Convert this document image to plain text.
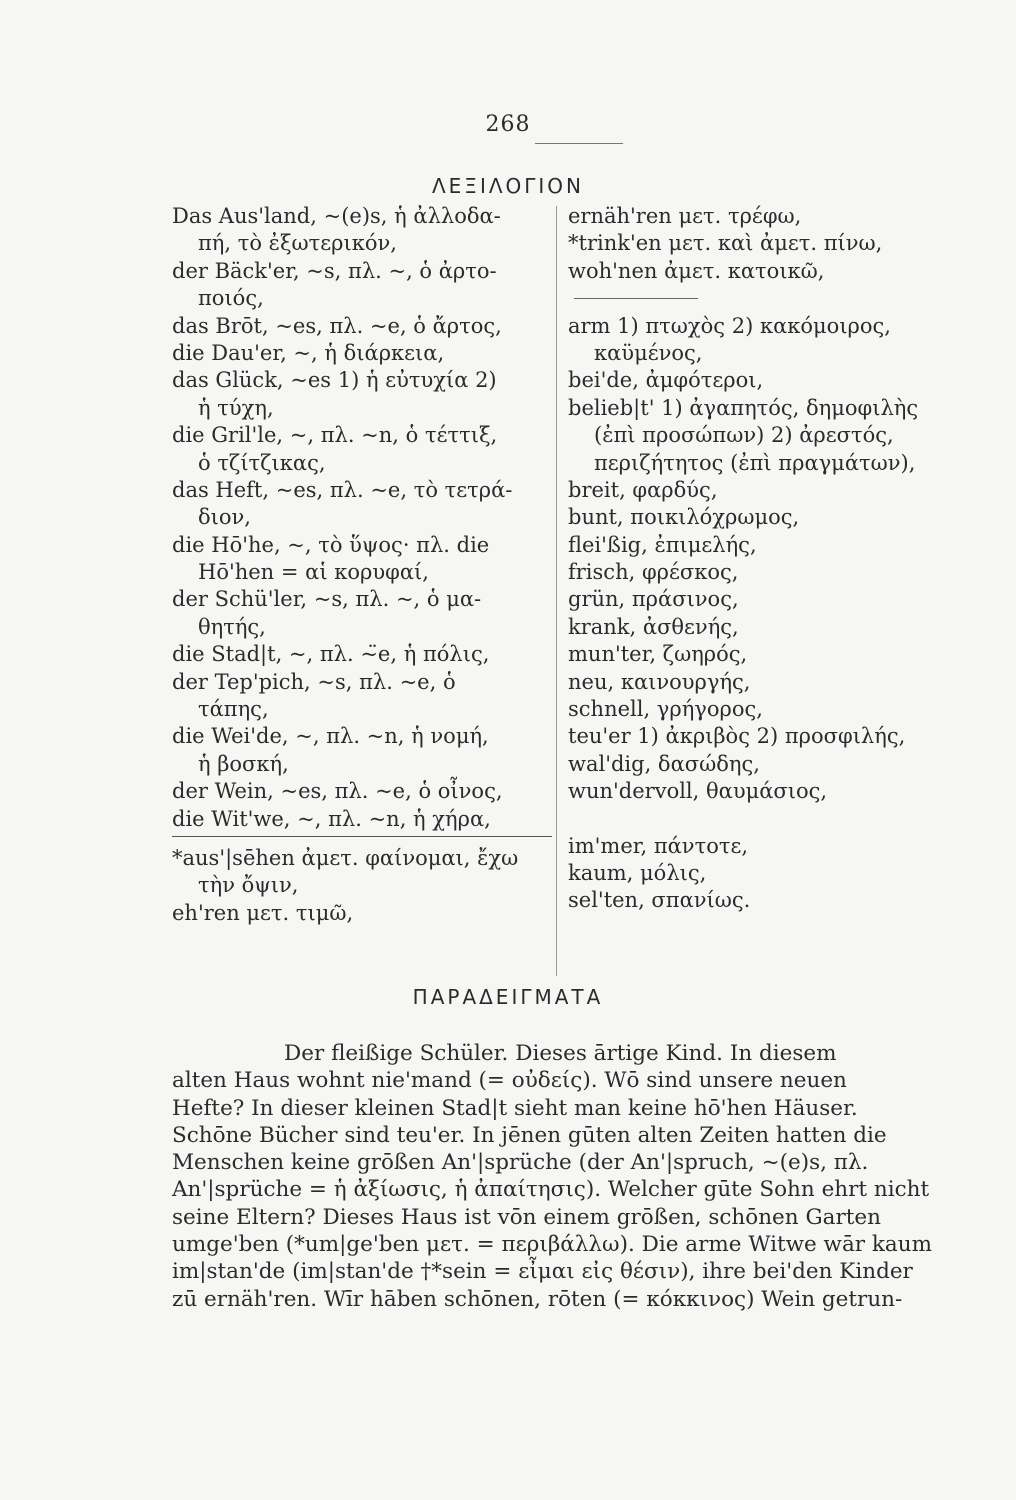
268
ΛΕΞΙΛΟΓΙΟΝ
Das Aus'land, ~(e)s, ἡ ἀλλοδα-
πή, τὸ ἐξωτερικόν,
der Bäck'er, ~s, πλ. ~, ὁ ἀρτο-
ποιός,
das Brōt, ~es, πλ. ~e, ὁ ἄρτος,
die Dau'er, ~, ἡ διάρκεια,
das Glück, ~es 1) ἡ εὐτυχία 2)
ἡ τύχη,
die Gril'le, ~, πλ. ~n, ὁ τέττιξ,
ὁ τζίτζικας,
das Heft, ~es, πλ. ~e, τὸ τετρά-
διον,
die Hō'he, ~, τὸ ὕψος· πλ. die
Hō'hen = αἱ κορυφαί,
der Schü'ler, ~s, πλ. ~, ὁ μα-
θητής,
die Stad|t, ~, πλ. ~̈e, ἡ πόλις,
der Tep'pich, ~s, πλ. ~e, ὁ
τάπης,
die Wei'de, ~, πλ. ~n, ἡ νομή,
ἡ βοσκή,
der Wein, ~es, πλ. ~e, ὁ οἶνος,
die Wit'we, ~, πλ. ~n, ἡ χήρα,
*aus'|sēhen ἀμετ. φαίνομαι, ἔχω
τὴν ὄψιν,
eh'ren μετ. τιμῶ,
ernäh'ren μετ. τρέφω,
*trink'en μετ. καὶ ἀμετ. πίνω,
woh'nen ἀμετ. κατοικῶ,
arm 1) πτωχὸς 2) κακόμοιρος,
καϋμένος,
bei'de, ἀμφότεροι,
belieb|t' 1) ἀγαπητός, δημοφιλὴς
(ἐπὶ προσώπων) 2) ἀρεστός,
περιζήτητος (ἐπὶ πραγμάτων),
breit, φαρδύς,
bunt, ποικιλόχρωμος,
flei'ßig, ἐπιμελής,
frisch, φρέσκος,
grün, πράσινος,
krank, ἀσθενής,
mun'ter, ζωηρός,
neu, καινουργής,
schnell, γρήγορος,
teu'er 1) ἀκριβὸς 2) προσφιλής,
wal'dig, δασώδης,
wun'dervoll, θαυμάσιος,
im'mer, πάντοτε,
kaum, μόλις,
sel'ten, σπανίως.
ΠΑΡΑΔΕΙΓΜΑΤΑ
Der fleißige Schüler. Dieses ārtige Kind. In diesem
alten Haus wohnt nie'mand (= οὐδείς). Wō sind unsere neuen
Hefte? In dieser kleinen Stad|t sieht man keine hō'hen Häuser.
Schōne Bücher sind teu'er. In jēnen gūten alten Zeiten hatten die
Menschen keine grōßen An'|sprüche (der An'|spruch, ~(e)s, πλ.
An'|sprüche = ἡ ἀξίωσις, ἡ ἀπαίτησις). Welcher gūte Sohn ehrt nicht
seine Eltern? Dieses Haus ist vōn einem grōßen, schōnen Garten
umge'ben (*um|ge'ben μετ. = περιβάλλω). Die arme Witwe wār kaum
im|stan'de (im|stan'de †*sein = εἶμαι εἰς θέσιν), ihre bei'den Kinder
zū ernäh'ren. Wīr hāben schōnen, rōten (= κόκκινος) Wein getrun-
